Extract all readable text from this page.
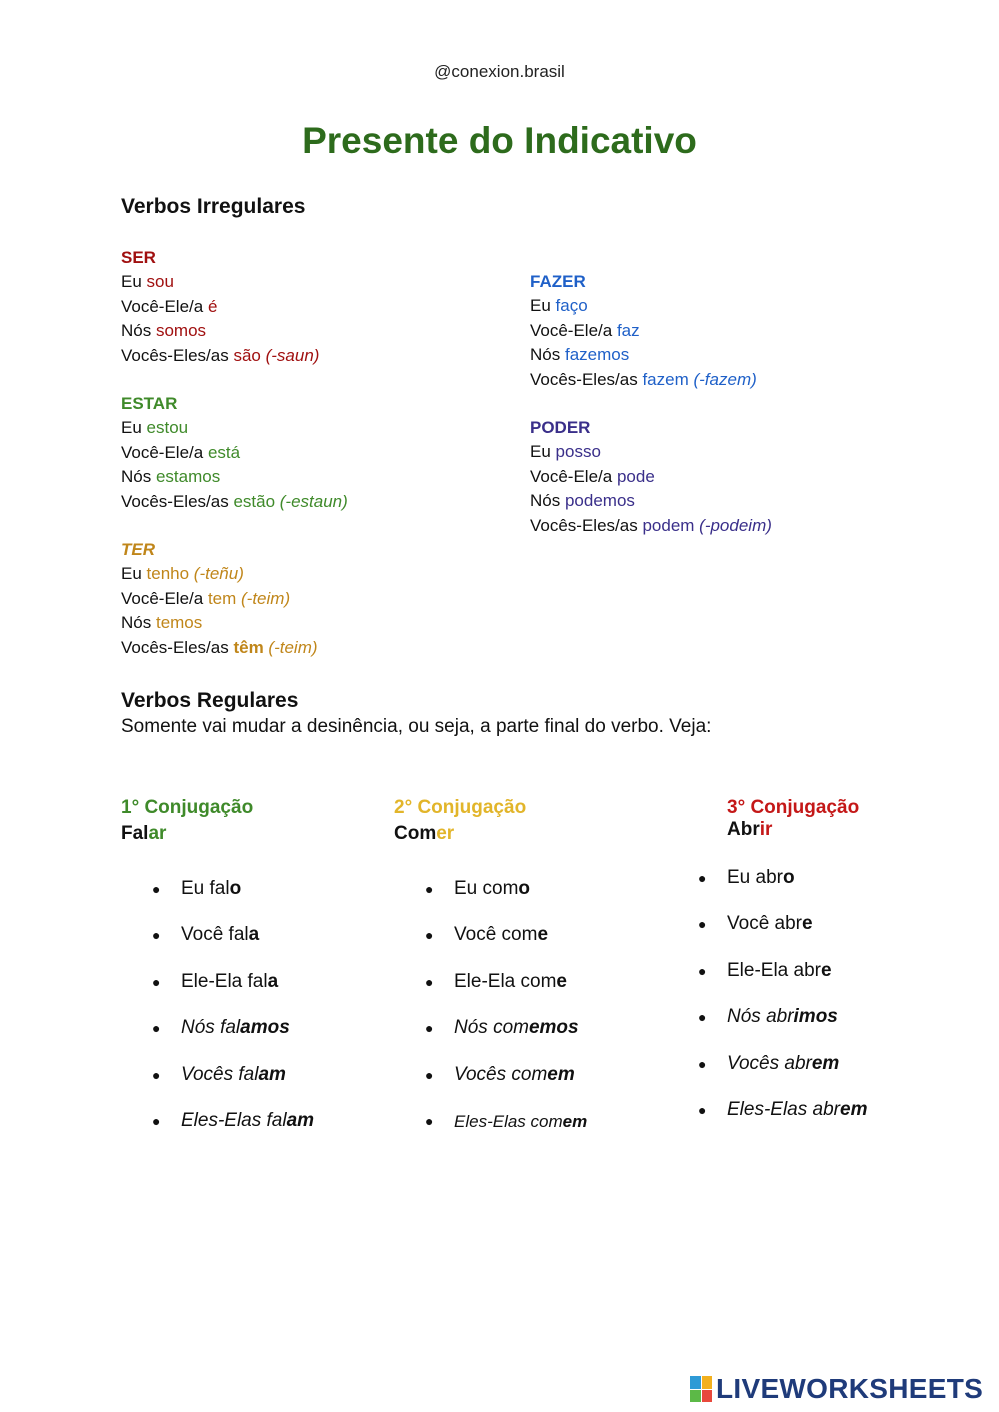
@conexion.brasil
Presente do Indicativo
Verbos Irregulares
SER
Eu sou
Você-Ele/a é
Nós somos
Vocês-Eles/as são (-saun)
ESTAR
Eu estou
Você-Ele/a está
Nós estamos
Vocês-Eles/as estão (-estaun)
TER
Eu tenho (-teñu)
Você-Ele/a tem (-teim)
Nós temos
Vocês-Eles/as têm (-teim)
FAZER
Eu faço
Você-Ele/a faz
Nós fazemos
Vocês-Eles/as fazem (-fazem)
PODER
Eu posso
Você-Ele/a pode
Nós podemos
Vocês-Eles/as podem (-podeim)
Verbos Regulares
Somente vai mudar a desinência, ou seja, a parte final do verbo. Veja:
1° Conjugação
Falar
● Eu falo
● Você fala
● Ele-Ela fala
● Nós falamos
● Vocês falam
● Eles-Elas falam
2° Conjugação
Comer
● Eu como
● Você come
● Ele-Ela come
● Nós comemos
● Vocês comem
● Eles-Elas comem
3° Conjugação
Abrir
● Eu abro
● Você abre
● Ele-Ela abre
● Nós abrimos
● Vocês abrem
● Eles-Elas abrem
LIVEWORKSHEETS
